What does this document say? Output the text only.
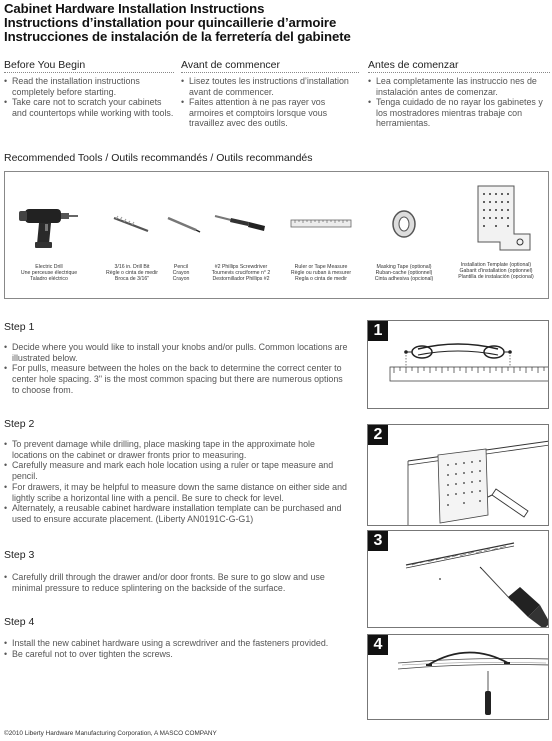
Cabinet Hardware Installation Instructions
Instructions d’installation pour quincaillerie d’armoire
Instrucciones de instalación de la ferretería del gabinete
Before You Begin
• Read the installation instructions completely before starting.
• Take care not to scratch your cabinets and countertops while working with tools.
Avant de commencer
• Lisez toutes les instructions d’installation avant de commencer.
• Faites attention à ne pas rayer vos armoires et comptoirs lorsque vous travaillez avec des outils.
Antes de comenzar
• Lea completamente las instruccio nes de instalación antes de comenzar.
• Tenga cuidado de no rayar los gabinetes y los mostradores mientras trabaje con herramientas.
Recommended Tools / Outils recommandés / Outils recommandés
Electric Drill
Une perceuse électrique
Taladro eléctrico
3/16 in. Drill Bit
Règle o cinta de medir
Broca de 3/16"
Pencil
Crayon
Crayon
#2 Phillips Screwdriver
Tournevis cruciforme n° 2
Destornillador Phillips #2
Ruler or Tape Measure
Règle ou ruban à mesurer
Regla o cinta de medir
Masking Tape (optional)
Ruban-cache (optionnel)
Cinta adhesiva (opcional)
Installation Template (optional)
Gabarit d’installation (optionnel)
Plantilla de instalación (opcional)
Step 1
• Decide where you would like to install your knobs and/or pulls. Common locations are illustrated below.
• For pulls, measure between the holes on the back to determine the correct center to center hole spacing. 3" is the most common spacing but there are numerous options to choose from.
1
Step 2
• To prevent damage while drilling, place masking tape in the approximate hole locations on the cabinet or drawer fronts prior to measuring.
• Carefully measure and mark each hole location using a ruler or tape measure and pencil.
• For drawers, it may be helpful to measure down the same distance on either side and lightly scribe a horizontal line with a pencil. Be sure to check for level.
• Alternately, a reusable cabinet hardware installation template can be purchased and used to ensure accurate placement. (Liberty AN0191C-G-G1)
2
Step 3
• Carefully drill through the drawer and/or door fronts. Be sure to go slow and use minimal pressure to reduce splintering on the backside of the surface.
3
Step 4
• Install the new cabinet hardware using a screwdriver and the fasteners provided.
• Be careful not to over tighten the screws.
4
©2010 Liberty Hardware Manufacturing Corporation, A MASCO COMPANY
